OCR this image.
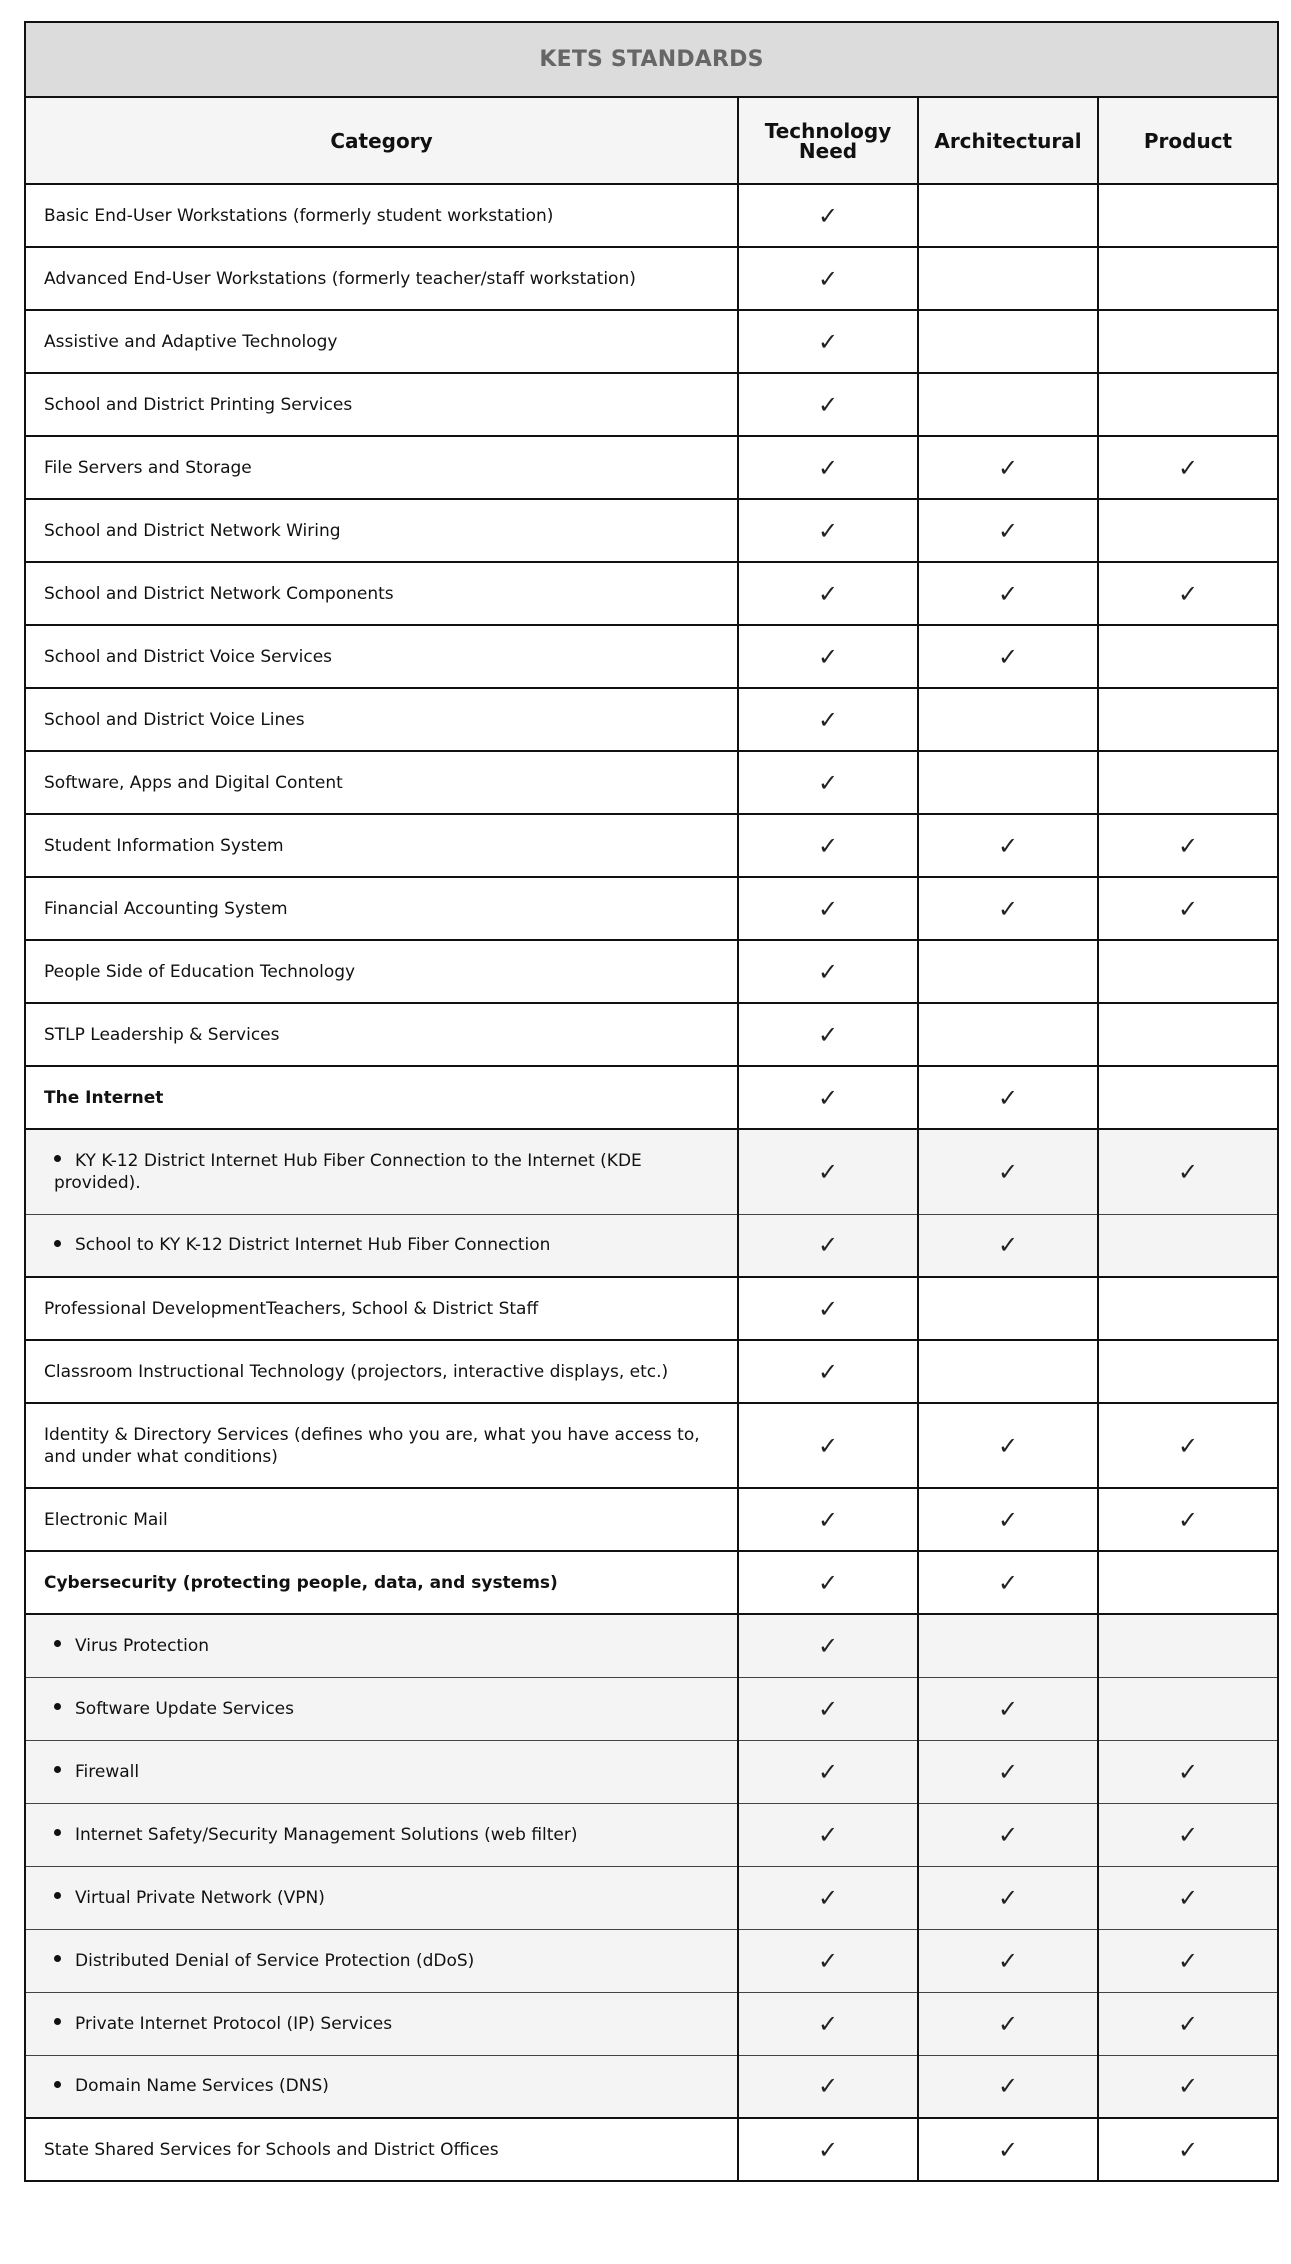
KETS STANDARDS			
Category	Technology Need	Architectural	Product
Basic End-User Workstations (formerly student workstation)	✓		
Advanced End-User Workstations (formerly teacher/staff workstation)	✓		
Assistive and Adaptive Technology	✓		
School and District Printing Services	✓		
File Servers and Storage	✓	✓	✓
School and District Network Wiring	✓	✓	
School and District Network Components	✓	✓	✓
School and District Voice Services	✓	✓	
School and District Voice Lines	✓		
Software, Apps and Digital Content	✓		
Student Information System	✓	✓	✓
Financial Accounting System	✓	✓	✓
People Side of Education Technology	✓		
STLP Leadership & Services	✓		
The Internet	✓	✓	
KY K-12 District Internet Hub Fiber Connection to the Internet (KDE provided).	✓	✓	✓
School to KY K-12 District Internet Hub Fiber Connection	✓	✓	
Professional DevelopmentTeachers, School & District Staff	✓		
Classroom Instructional Technology (projectors, interactive displays, etc.)	✓		
Identity & Directory Services (defines who you are, what you have access to, and under what conditions)	✓	✓	✓
Electronic Mail	✓	✓	✓
Cybersecurity (protecting people, data, and systems)	✓	✓	
Virus Protection	✓		
Software Update Services	✓	✓	
Firewall	✓	✓	✓
Internet Safety/Security Management Solutions (web filter)	✓	✓	✓
Virtual Private Network (VPN)	✓	✓	✓
Distributed Denial of Service Protection (dDoS)	✓	✓	✓
Private Internet Protocol (IP) Services	✓	✓	✓
Domain Name Services (DNS)	✓	✓	✓
State Shared Services for Schools and District Offices	✓	✓	✓
